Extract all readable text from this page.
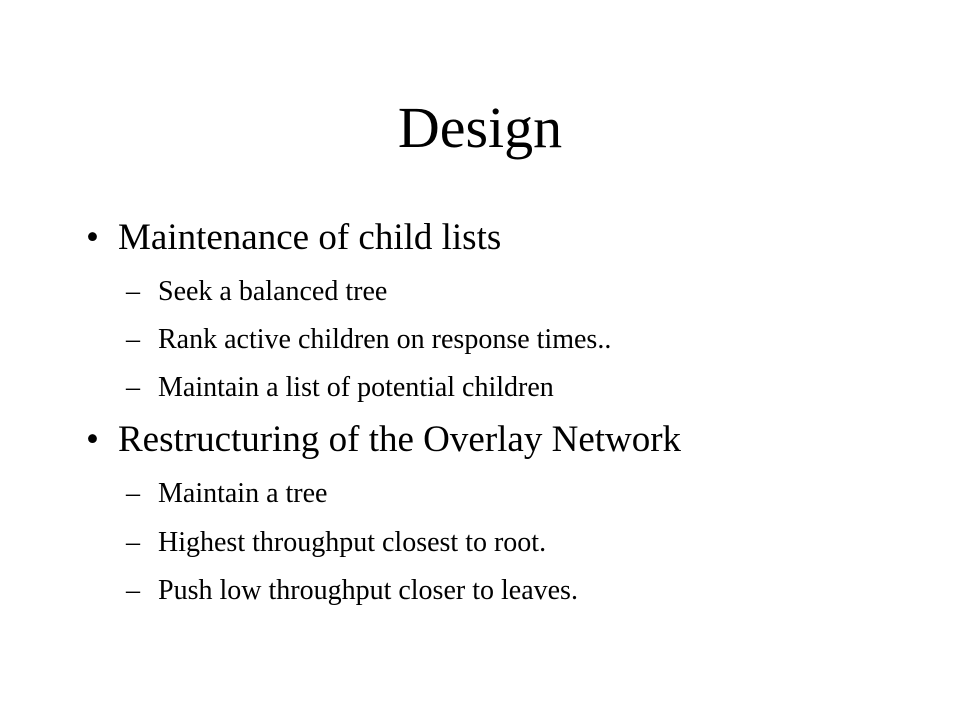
Design
• Maintenance of child lists
– Seek a balanced tree
– Rank active children on response times..
– Maintain a list of potential children
• Restructuring of the Overlay Network
– Maintain a tree
– Highest throughput closest to root.
– Push low throughput closer to leaves.
